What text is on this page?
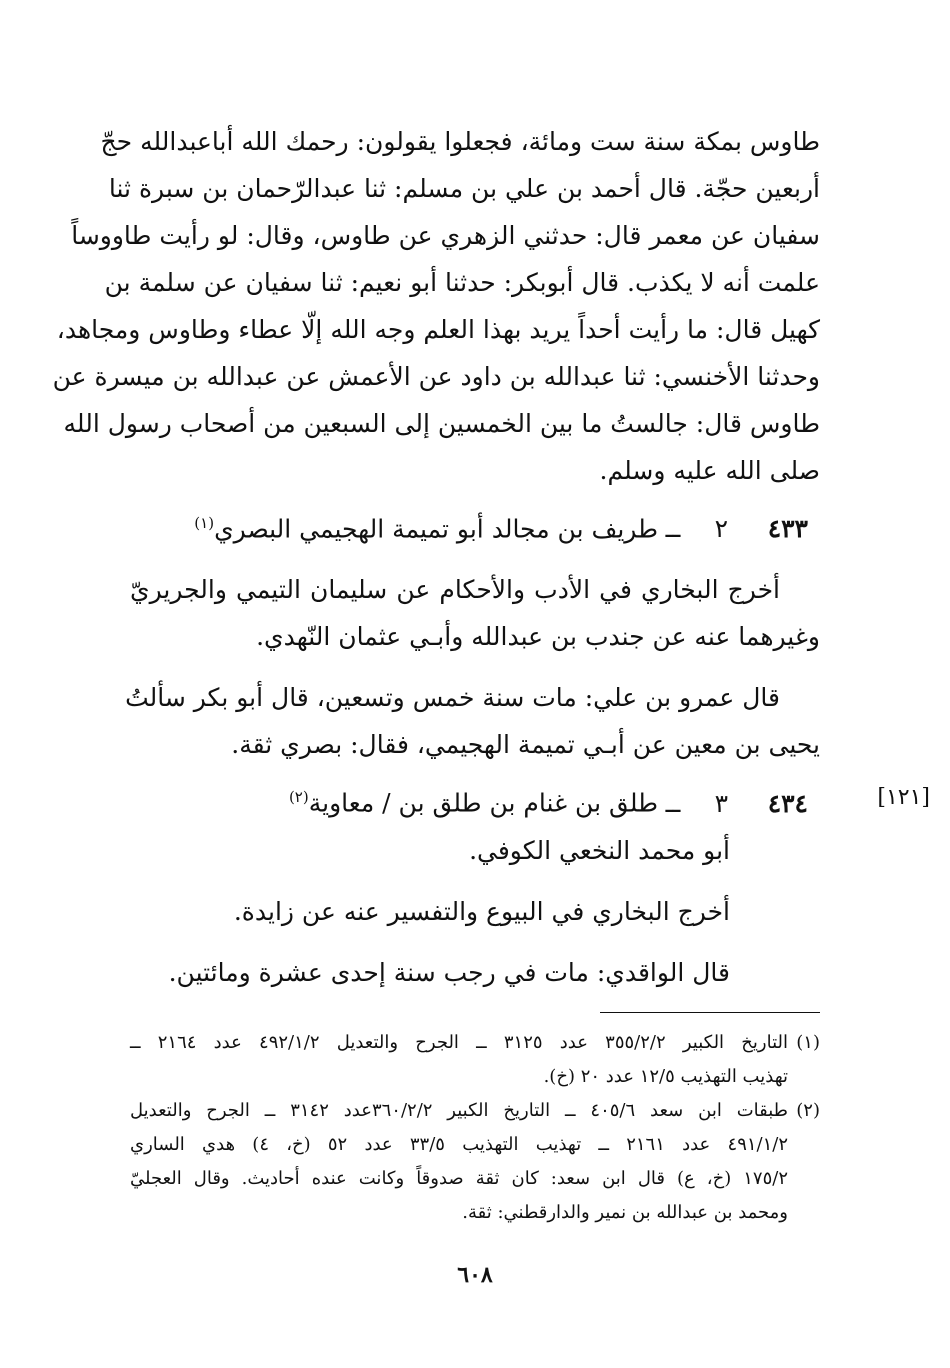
طاوس بمكة سنة ست ومائة، فجعلوا يقولون: رحمك الله أباعبدالله حجّ
أربعين حجّة. قال أحمد بن علي بن مسلم: ثنا عبدالرّحمان بن سبرة ثنا
سفيان عن معمر قال: حدثني الزهري عن طاوس، وقال: لو رأيت طاووساً
علمت أنه لا يكذب. قال أبوبكر: حدثنا أبو نعيم: ثنا سفيان عن سلمة بن
كهيل قال: ما رأيت أحداً يريد بهذا العلم وجه الله إلّا عطاء وطاوس ومجاهد،
وحدثنا الأخنسي: ثنا عبدالله بن داود عن الأعمش عن عبدالله بن ميسرة عن
طاوس قال: جالستُ ما بين الخمسين إلى السبعين من أصحاب رسول الله
صلى الله عليه وسلم.
٤٣٣
٢
ــ
طريف بن مجالد أبو تميمة الهجيمي البصري$^{(١)}$
أخرج البخاري في الأدب والأحكام عن سليمان التيمي والجريريّ
وغيرهما عنه عن جندب بن عبدالله وأبـي عثمان النّهدي.
قال عمرو بن علي: مات سنة خمس وتسعين، قال أبو بكر سألتُ
يحيى بن معين عن أبـي تميمة الهجيمي، فقال: بصري ثقة.
[١٢١]
٤٣٤
٣
ــ
طلق بن غنام بن طلق بن / معاوية$^{(٢)}$
أبو محمد النخعي الكوفي.
أخرج البخاري في البيوع والتفسير عنه عن زايدة.
قال الواقدي: مات في رجب سنة إحدى عشرة ومائتين.
(١)التاريخ الكبير ٣٥٥/٢/٢ عدد ٣١٢٥ ــ الجرح والتعديل ٤٩٢/١/٢ عدد ٢١٦٤ ــ
تهذيب التهذيب ١٢/٥ عدد ٢٠ (خ).
(٢)طبقات ابن سعد ٤٠٥/٦ ــ التاريخ الكبير ٣٦٠/٢/٢عدد ٣١٤٢ ــ الجرح والتعديل
٤٩١/١/٢ عدد ٢١٦١ ــ تهذيب التهذيب ٣٣/٥ عدد ٥٢ (خ، ٤) هدي الساري
١٧٥/٢ (خ، ع) قال ابن سعد: كان ثقة صدوقاً وكانت عنده أحاديث. وقال العجليّ
ومحمد بن عبدالله بن نمير والدارقطني: ثقة.
٦٠٨
